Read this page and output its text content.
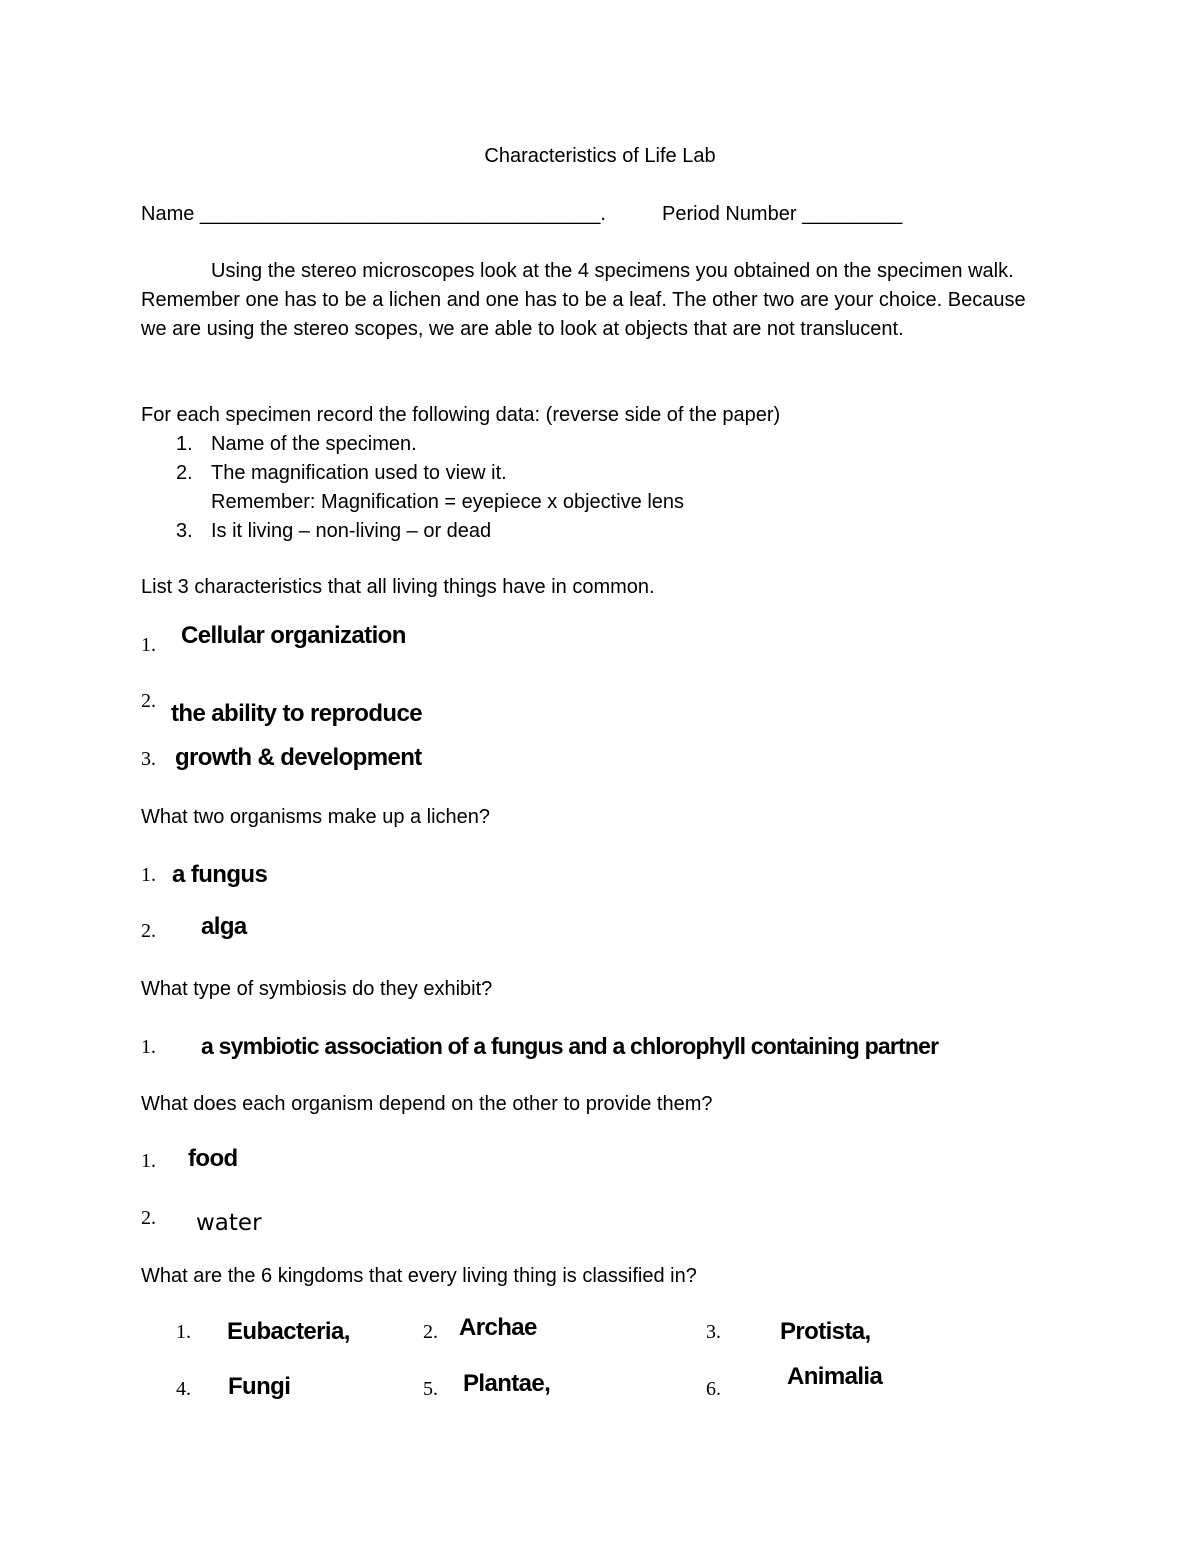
Characteristics of Life Lab
Name ____________________________________.	Period Number _________
Using the stereo microscopes look at the 4 specimens you obtained on the specimen walk. Remember one has to be a lichen and one has to be a leaf. The other two are your choice. Because we are using the stereo scopes, we are able to look at objects that are not translucent.
For each specimen record the following data: (reverse side of the paper)
1. Name of the specimen.
2. The magnification used to view it.
Remember: Magnification = eyepiece x objective lens
3. Is it living – non-living – or dead
List 3 characteristics that all living things have in common.
1. Cellular organization
2. the ability to reproduce
3. growth & development
What two organisms make up a lichen?
1. a fungus
2. alga
What type of symbiosis do they exhibit?
1. a symbiotic association of a fungus and a chlorophyll containing partner
What does each organism depend on the other to provide them?
1. food
2. water
What are the 6 kingdoms that every living thing is classified in?
1. Eubacteria,	2. Archae	3. Protista,
4. Fungi	5. Plantae,	6.	Animalia
